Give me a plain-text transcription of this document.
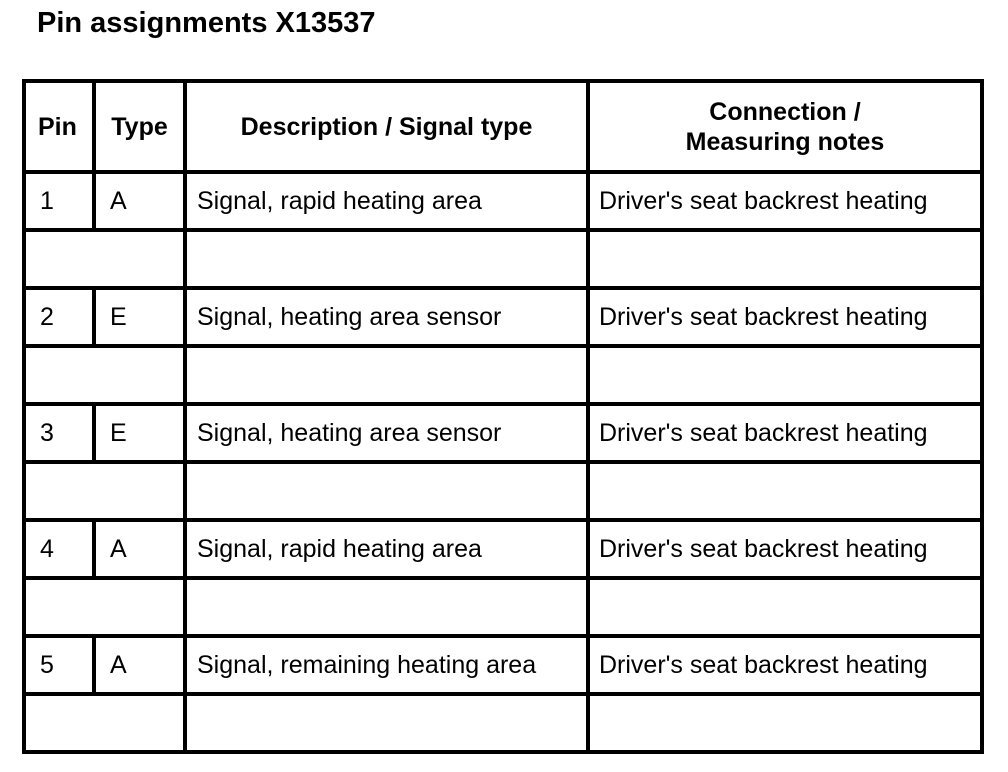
Pin assignments X13537
Pin	Type	Description / Signal type	Connection /
Measuring notes

1	A	Signal, rapid heating area	Driver's seat backrest heating

2	E	Signal, heating area sensor	Driver's seat backrest heating

3	E	Signal, heating area sensor	Driver's seat backrest heating

4	A	Signal, rapid heating area	Driver's seat backrest heating

5	A	Signal, remaining heating area	Driver's seat backrest heating
